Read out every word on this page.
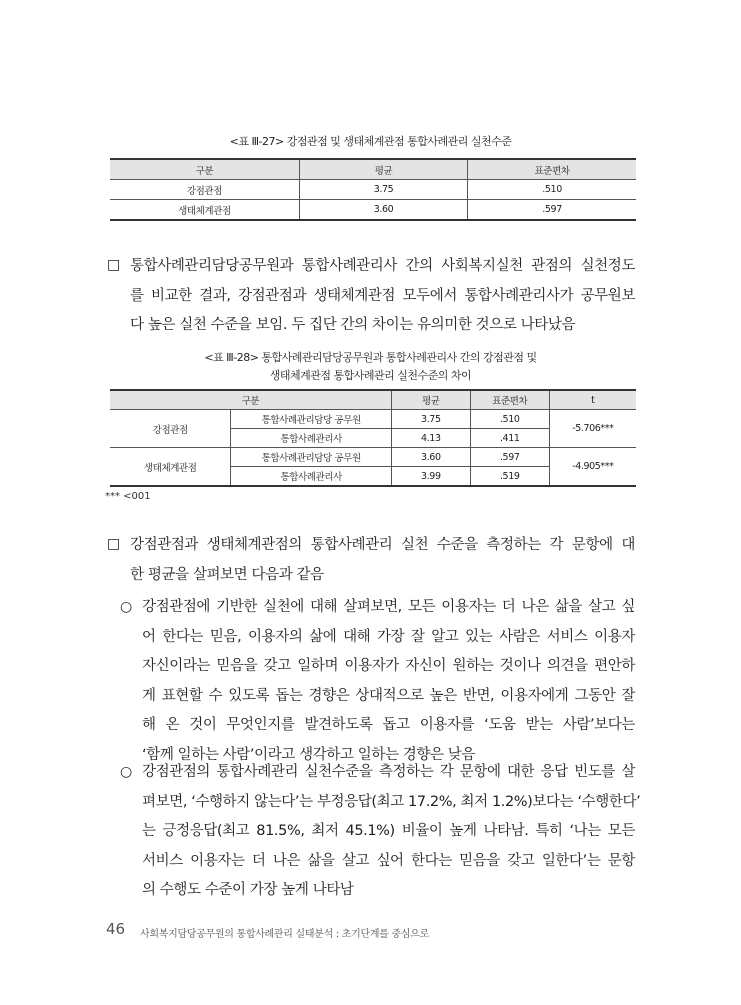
<표 Ⅲ-27> 강점관점 및 생태체계관점 통합사례관리 실천수준
구분	평균	표준편차
강점관점	3.75	.510
생태체계관점	3.60	.597
□ 통합사례관리담당공무원과 통합사례관리사 간의 사회복지실천 관점의 실천정도
를 비교한 결과, 강점관점과 생태체계관점 모두에서 통합사례관리사가 공무원보
다 높은 실천 수준을 보임. 두 집단 간의 차이는 유의미한 것으로 나타났음
<표 Ⅲ-28> 통합사례관리담당공무원과 통합사례관리사 간의 강점관점 및
생태체계관점 통합사례관리 실천수준의 차이
구분		평균	표준편차	t
강점관점	통합사례관리담당 공무원	3.75	.510	-5.706***
	통합사례관리사	4.13	.411	
생태체계관점	통합사례관리담당 공무원	3.60	.597	-4.905***
	통합사례관리사	3.99	.519	
*** <001
□ 강점관점과 생태체계관점의 통합사례관리 실천 수준을 측정하는 각 문항에 대
한 평균을 살펴보면 다음과 같음
○ 강점관점에 기반한 실천에 대해 살펴보면, 모든 이용자는 더 나은 삶을 살고 싶
어 한다는 믿음, 이용자의 삶에 대해 가장 잘 알고 있는 사람은 서비스 이용자
자신이라는 믿음을 갖고 일하며 이용자가 자신이 원하는 것이나 의견을 편안하
게 표현할 수 있도록 돕는 경향은 상대적으로 높은 반면, 이용자에게 그동안 잘
해 온 것이 무엇인지를 발견하도록 돕고 이용자를 ‘도움 받는 사람’보다는
‘함께 일하는 사람’이라고 생각하고 일하는 경향은 낮음
○ 강점관점의 통합사례관리 실천수준을 측정하는 각 문항에 대한 응답 빈도를 살
펴보면, ‘수행하지 않는다’는 부정응답(최고 17.2%, 최저 1.2%)보다는 ‘수행한다’
는 긍정응답(최고 81.5%, 최저 45.1%) 비율이 높게 나타남. 특히 ‘나는 모든
서비스 이용자는 더 나은 삶을 살고 싶어 한다는 믿음을 갖고 일한다’는 문항
의 수행도 수준이 가장 높게 나타남
46 사회복지담당공무원의 통합사례관리 실태분석 : 초기단계를 중심으로
